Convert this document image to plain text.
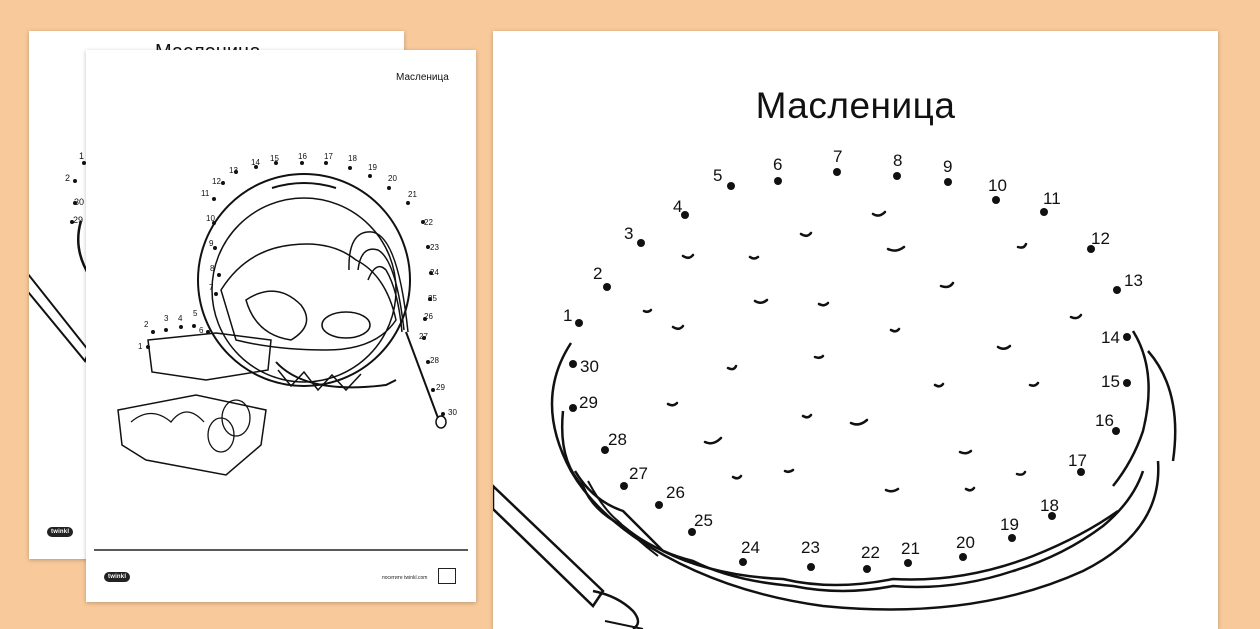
2
1
30
29
twinkl
Масленица
1
2
3 4
5
6
7
8
9
10
11
12
13
14 15 16 17 18
19
20
21
22
23
24
25
26
27
28
29
30
twinkl	посетите twinkl.com
Масленица
1
2
3
4
5
6	7	8 9
10
11
12
13
14
15
16
17
18
19
20
21
22
23
24
25
26
27
28
29
30
